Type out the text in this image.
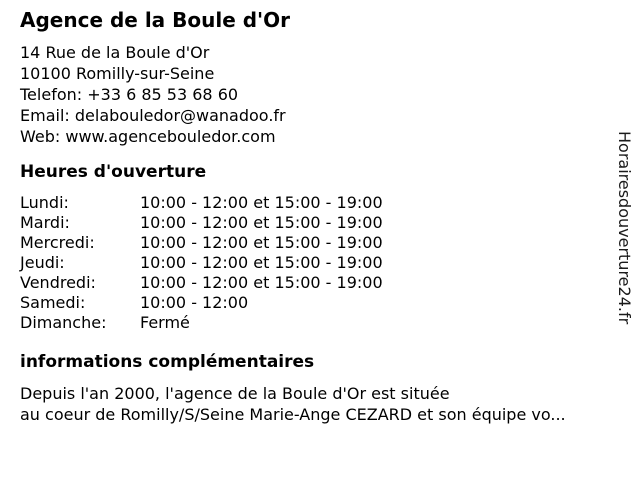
Agence de la Boule d'Or
14 Rue de la Boule d'Or
10100 Romilly-sur-Seine
Telefon: +33 6 85 53 68 60
Email: delabouledor@wanadoo.fr
Web: www.agencebouledor.com
Heures d'ouverture
Lundi:	10:00 - 12:00 et 15:00 - 19:00
Mardi:	10:00 - 12:00 et 15:00 - 19:00
Mercredi:	10:00 - 12:00 et 15:00 - 19:00
Jeudi:	10:00 - 12:00 et 15:00 - 19:00
Vendredi:	10:00 - 12:00 et 15:00 - 19:00
Samedi:	10:00 - 12:00
Dimanche: Fermé
informations complémentaires
Depuis l'an 2000, l'agence de la Boule d'Or est située
au coeur de Romilly/S/Seine Marie-Ange CEZARD et son équipe vo...
Horairesdouverture24.fr
